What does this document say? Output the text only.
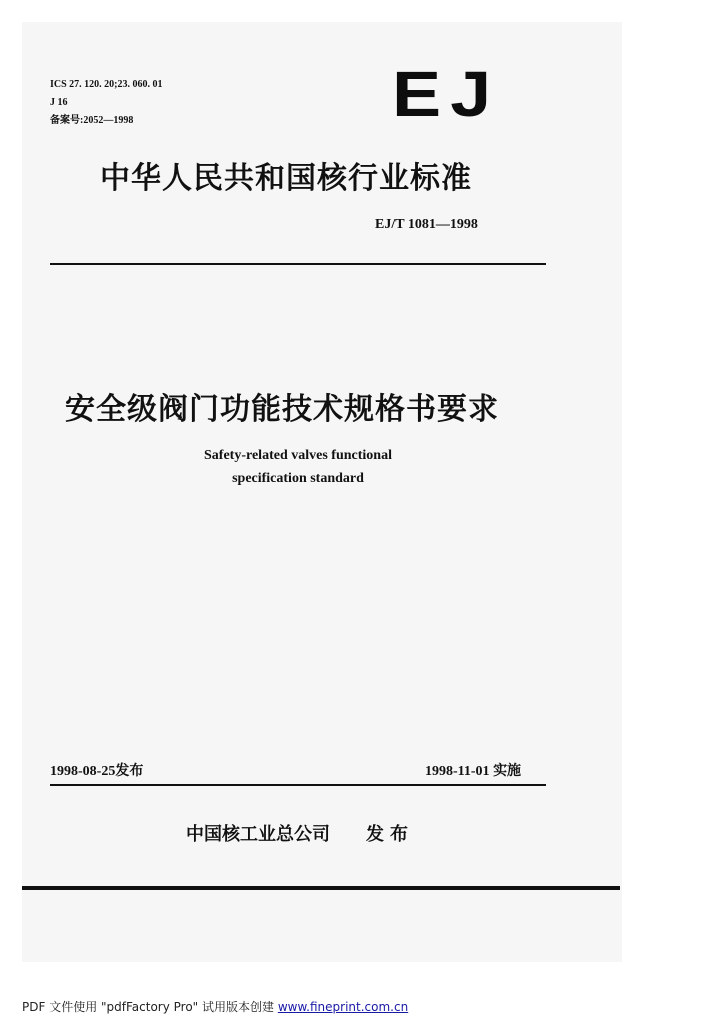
ICS 27. 120. 20;23. 060. 01
J 16
备案号:2052—1998	EJ
中华人民共和国核行业标准
EJ/T 1081—1998
安全级阀门功能技术规格书要求
Safety-related valves functional
specification standard
1998-08-25发布	1998-11-01 实施
中国核工业总公司 发布
PDF 文件使用 "pdfFactory Pro" 试用版本创建 www.fineprint.com.cn
